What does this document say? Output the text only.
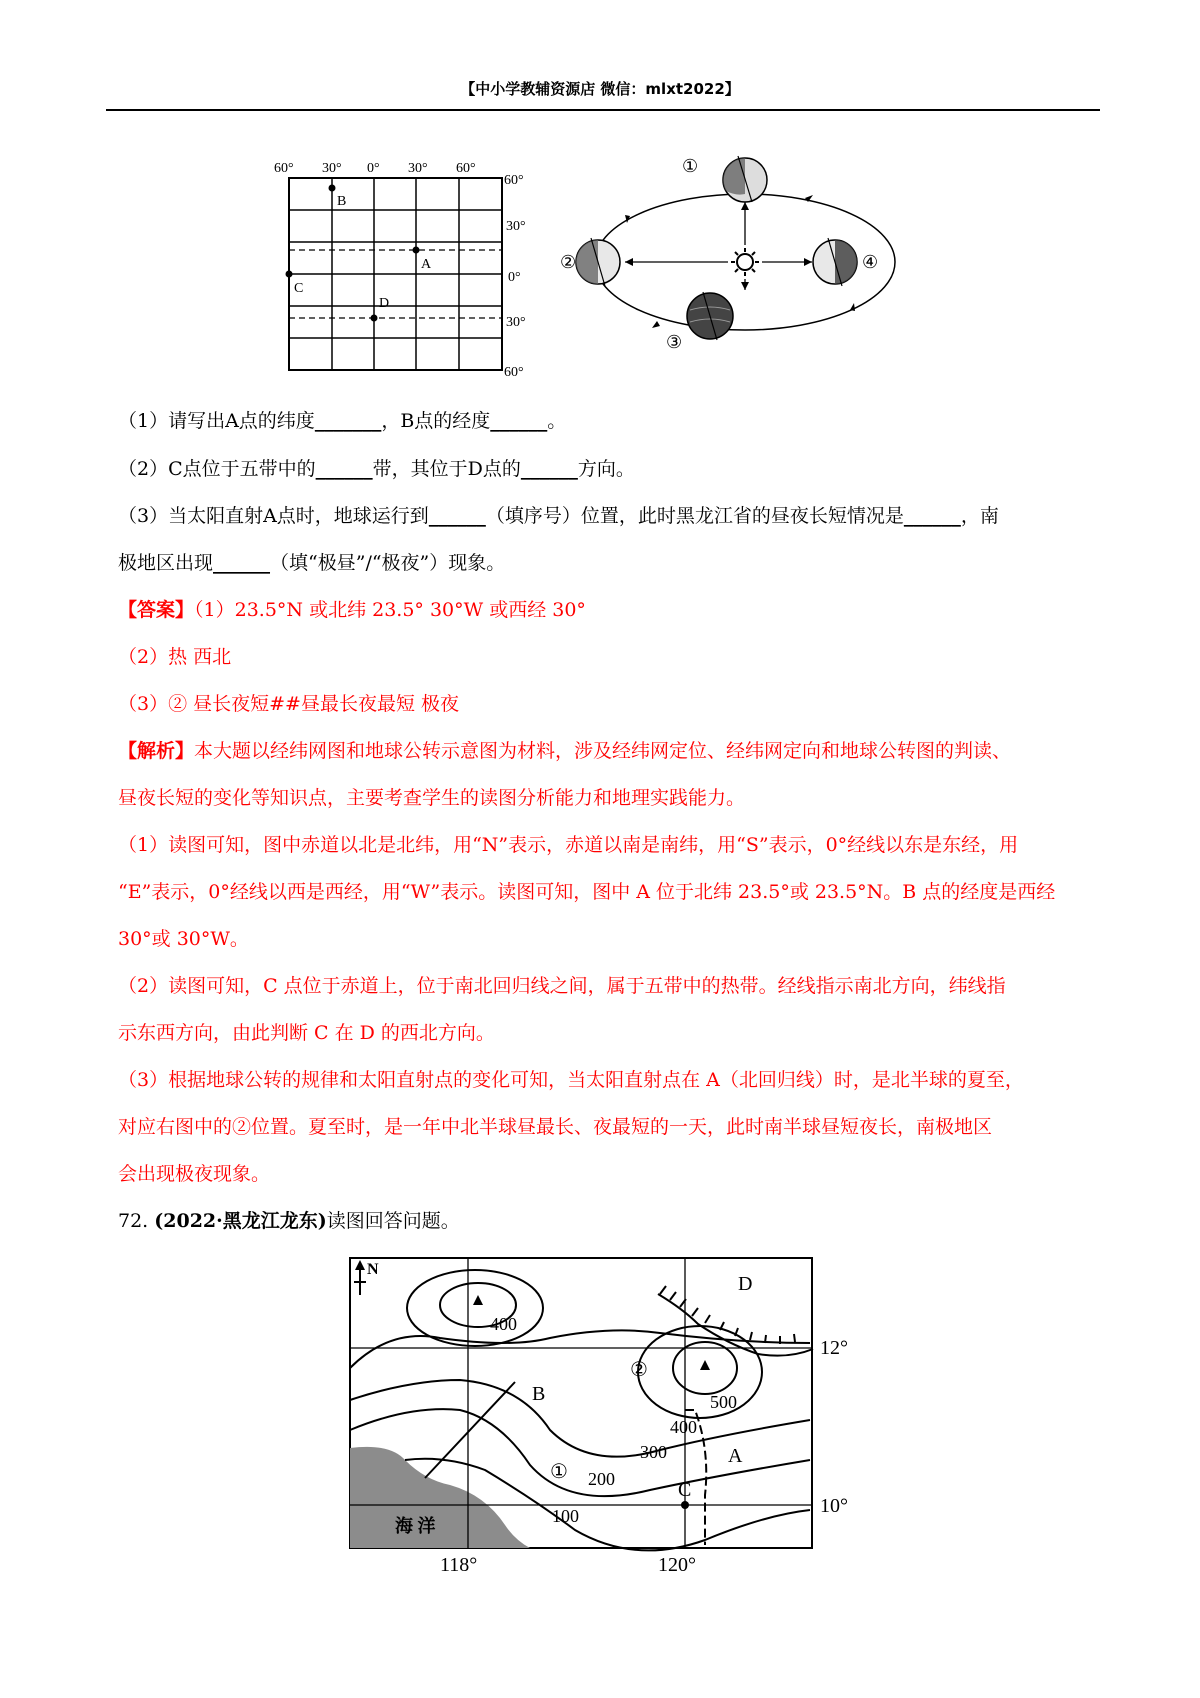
【中小学教辅资源店 微信：mlxt2022】
60° 30° 0° 30° 60°
60°
30°
0°
30°
60°
A
B
C
D
①
②
③
④
（1）请写出A点的纬度_______，B点的经度______。
（2）C点位于五带中的______带，其位于D点的______方向。
（3）当太阳直射A点时，地球运行到______（填序号）位置，此时黑龙江省的昼夜长短情况是______，南
极地区出现______（填“极昼”/“极夜”）现象。
【答案】（1）23.5°N 或北纬 23.5° 30°W 或西经 30°
（2）热 西北
（3）② 昼长夜短##昼最长夜最短 极夜
【解析】本大题以经纬网图和地球公转示意图为材料，涉及经纬网定位、经纬网定向和地球公转图的判读、
昼夜长短的变化等知识点，主要考查学生的读图分析能力和地理实践能力。
（1）读图可知，图中赤道以北是北纬，用“N”表示，赤道以南是南纬，用“S”表示，0°经线以东是东经，用
“E”表示，0°经线以西是西经，用“W”表示。读图可知，图中 A 位于北纬 23.5°或 23.5°N。B 点的经度是西经
30°或 30°W。
（2）读图可知，C 点位于赤道上，位于南北回归线之间，属于五带中的热带。经线指示南北方向，纬线指
示东西方向，由此判断 C 在 D 的西北方向。
（3）根据地球公转的规律和太阳直射点的变化可知，当太阳直射点在 A（北回归线）时，是北半球的夏至，
对应右图中的②位置。夏至时，是一年中北半球昼最长、夜最短的一天，此时南半球昼短夜长，南极地区
会出现极夜现象。
72. (2022·黑龙江龙东)读图回答问题。
N
400
500
400
300
200
100
12°
10°
118°	120°
A
B
C
D
①
②
海 洋
